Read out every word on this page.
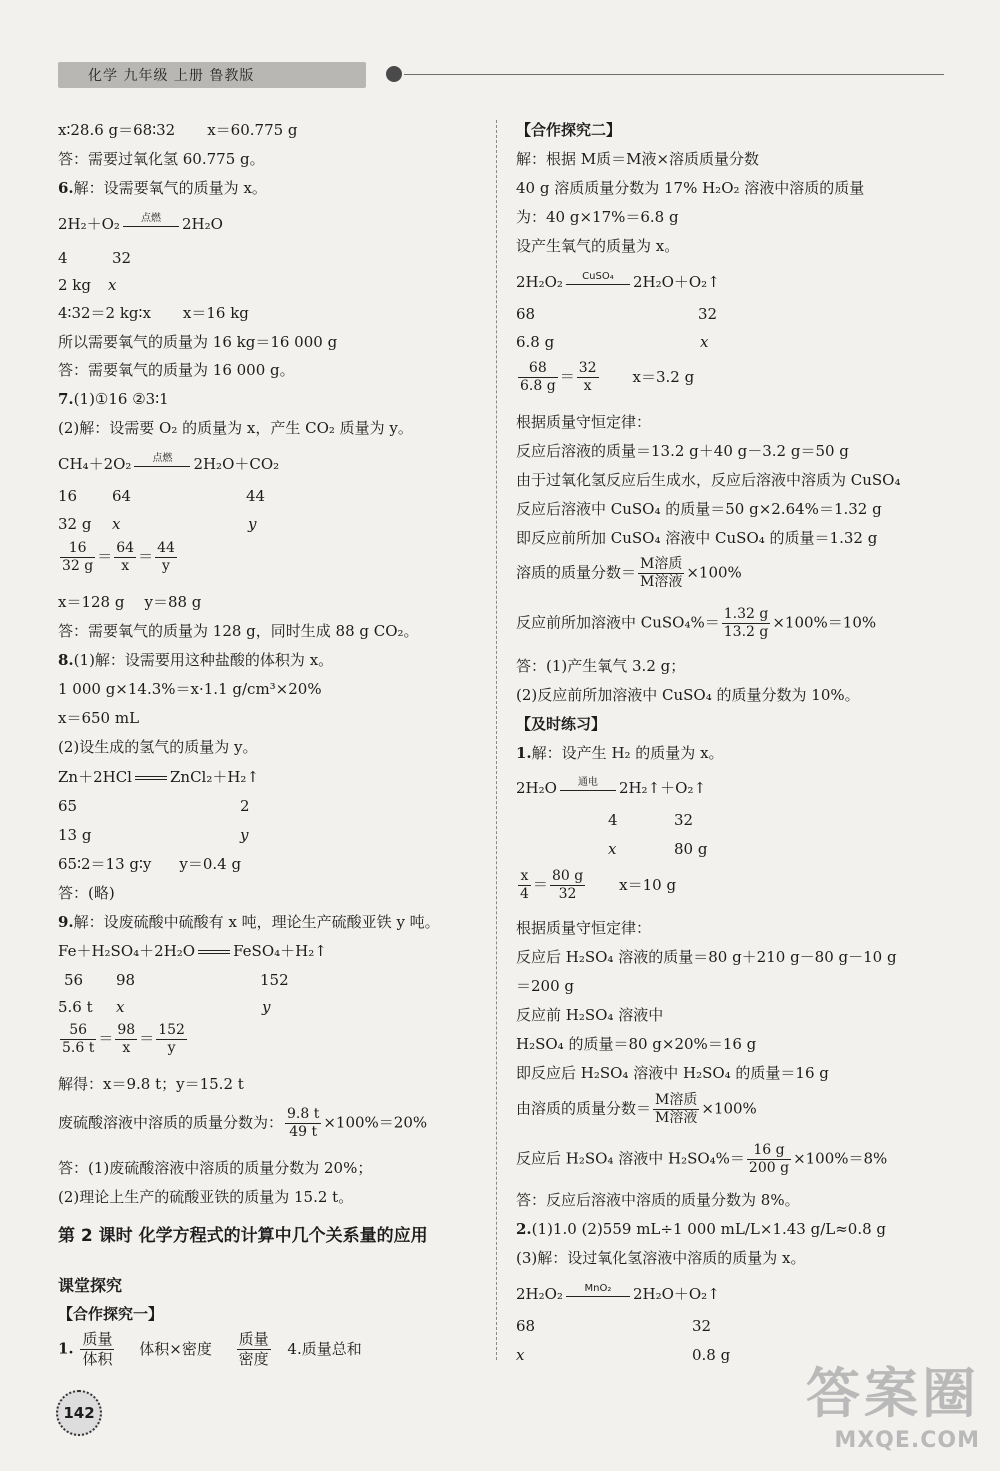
化学 九年级 上册 鲁教版
x∶28.6 g＝68∶32 x＝60.775 g
答：需要过氧化氢 60.775 g。
6.解：设需要氧气的质量为 x。
2H₂＋O₂	点燃	2H₂O
4	32
2 kg x
4∶32＝2 kg∶x x＝16 kg
所以需要氧气的质量为 16 kg＝16 000 g
答：需要氧气的质量为 16 000 g。
7.(1)①16 ②3∶1
(2)解：设需要 O₂ 的质量为 x，产生 CO₂ 质量为 y。
CH₄＋2O₂	点燃	2H₂O＋CO₂
16 64	44
32 g x	y
$\frac{16}{32 g} = \frac{64}{x} = \frac{44}{y}$
x＝128 g y＝88 g
答：需要氧气的质量为 128 g，同时生成 88 g CO₂。
8.(1)解：设需要用这种盐酸的体积为 x。
1 000 g×14.3%＝x·1.1 g/cm³×20%
x＝650 mL
(2)设生成的氢气的质量为 y。
Zn＋2HCl	ZnCl₂＋H₂↑
65	2
13 g	y
65∶2＝13 g∶y y＝0.4 g
答：(略)
9.解：设废硫酸中硫酸有 x 吨，理论生产硫酸亚铁 y 吨。
Fe＋H₂SO₄＋2H₂O	FeSO₄＋H₂↑
56 98	152
5.6 t x	y
$\frac{56}{5.6 t} = \frac{98}{x} = \frac{152}{y}$
解得：x＝9.8 t；y＝15.2 t
废硫酸溶液中溶质的质量分数为： $\frac{9.8 t}{49 t} \times 100\%=20\%$
答：(1)废硫酸溶液中溶质的质量分数为 20%；
(2)理论上生产的硫酸亚铁的质量为 15.2 t。
第 2 课时 化学方程式的计算中几个关系量的应用
课堂探究
【合作探究一】
1. $\frac{\text{质量}}{\text{体积}}$ 体积×密度 $\frac{\text{质量}}{\text{密度}} 4$.质量总和
【合作探究二】
解：根据 M质＝M液×溶质质量分数
40 g 溶质质量分数为 17% H₂O₂ 溶液中溶质的质量
为：40 g×17%＝6.8 g
设产生氧气的质量为 x。
2H₂O₂	CuSO₄	2H₂O＋O₂↑
68	32
6.8 g	x
$\frac{68}{6.8 g} = \frac{32}{x} x=3.2$ g
根据质量守恒定律：
反应后溶液的质量＝13.2 g＋40 g－3.2 g＝50 g
由于过氧化氢反应后生成水，反应后溶液中溶质为 CuSO₄
反应后溶液中 CuSO₄ 的质量＝50 g×2.64%＝1.32 g
即反应前所加 CuSO₄ 溶液中 CuSO₄ 的质量＝1.32 g
溶质的质量分数＝ $\frac{\text{M溶质}}{\text{M溶液}} \times 100\%$
反应前所加溶液中 CuSO₄%＝ $\frac{1.32 g}{13.2 g} \times 100\%=10\%$
答：(1)产生氧气 3.2 g；
(2)反应前所加溶液中 CuSO₄ 的质量分数为 10%。
【及时练习】
1.解：设产生 H₂ 的质量为 x。
2H₂O	通电	2H₂↑＋O₂↑
4	32
x	80 g
$\frac{x}{4} = \frac{80 g}{32} x=10$ g
根据质量守恒定律：
反应后 H₂SO₄ 溶液的质量＝80 g＋210 g－80 g－10 g
＝200 g
反应前 H₂SO₄ 溶液中
H₂SO₄ 的质量＝80 g×20%＝16 g
即反应后 H₂SO₄ 溶液中 H₂SO₄ 的质量＝16 g
由溶质的质量分数＝ $\frac{\text{M溶质}}{\text{M溶液}} \times 100\%$
反应后 H₂SO₄ 溶液中 $H_2SO_4\%= \frac{16 g}{200 g} \times 100\%=8\%$
答：反应后溶液中溶质的质量分数为 8%。
2.(1)1.0 (2)559 mL÷1 000 mL/L×1.43 g/L≈0.8 g
(3)解：设过氧化氢溶液中溶质的质量为 x。
2H₂O₂	MnO₂	2H₂O＋O₂↑
68	32
x	0.8 g
142	答案圈
MXQE.COM
